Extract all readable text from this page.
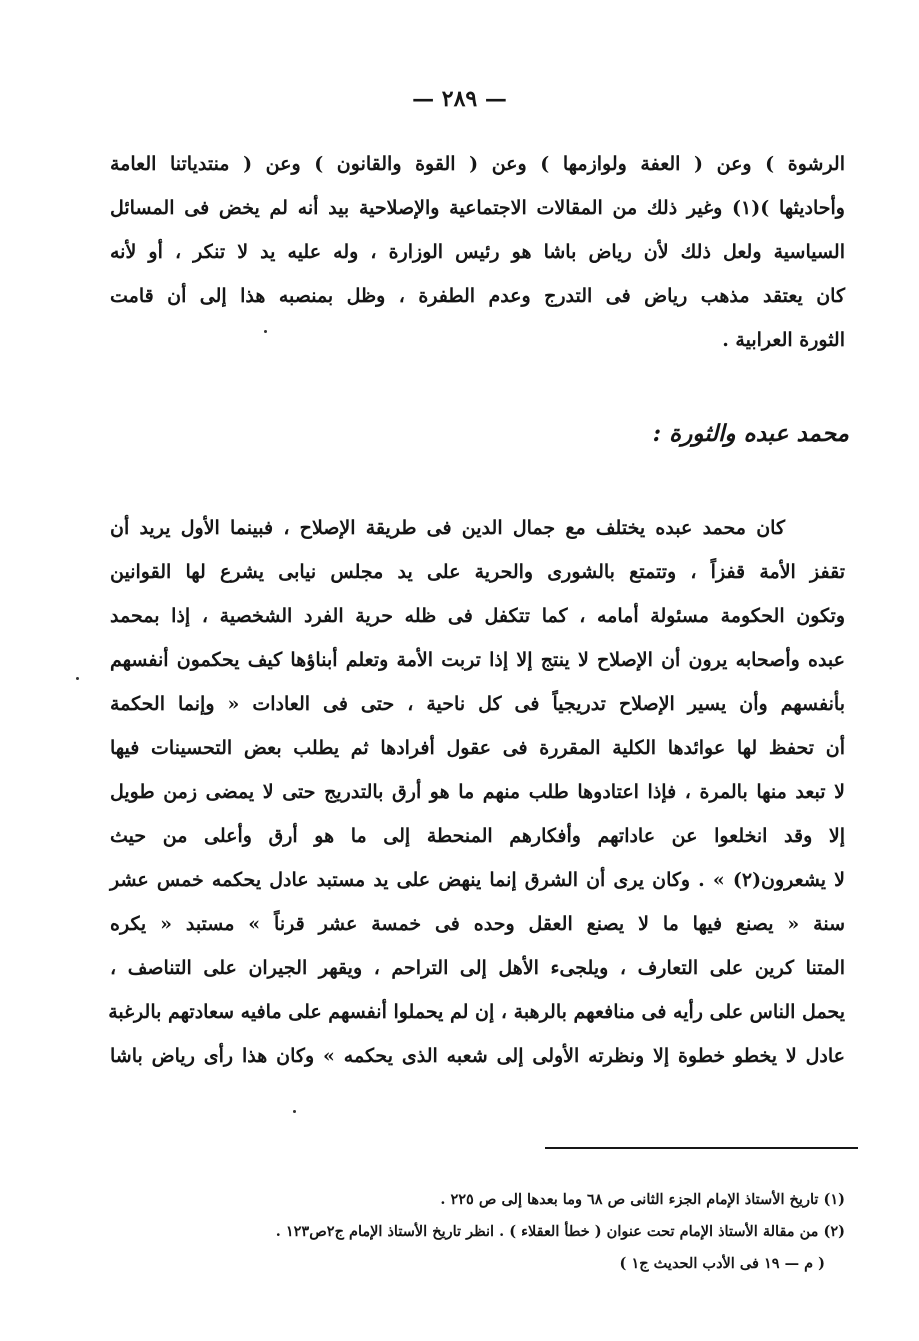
— ٢٨٩ —
الرشوة ) وعن ( العفة ولوازمها ) وعن ( القوة والقانون ) وعن ( منتدياتنا العامة
وأحاديثها )(١) وغير ذلك من المقالات الاجتماعية والإصلاحية بيد أنه لم يخض فى المسائل
السياسية ولعل ذلك لأن رياض باشا هو رئيس الوزارة ، وله عليه يد لا تنكر ، أو لأنه
كان يعتقد مذهب رياض فى التدرج وعدم الطفرة ، وظل بمنصبه هذا إلى أن قامت
الثورة العرابية .
محمد عبده والثورة :
كان محمد عبده يختلف مع جمال الدين فى طريقة الإصلاح ، فبينما الأول يريد أن
تقفز الأمة قفزاً ، وتتمتع بالشورى والحرية على يد مجلس نيابى يشرع لها القوانين
وتكون الحكومة مسئولة أمامه ، كما تتكفل فى ظله حرية الفرد الشخصية ، إذا بمحمد
عبده وأصحابه يرون أن الإصلاح لا ينتج إلا إذا تربت الأمة وتعلم أبناؤها كيف يحكمون أنفسهم
بأنفسهم وأن يسير الإصلاح تدريجياً فى كل ناحية ، حتى فى العادات « وإنما الحكمة
أن تحفظ لها عوائدها الكلية المقررة فى عقول أفرادها ثم يطلب بعض التحسينات فيها
لا تبعد منها بالمرة ، فإذا اعتادوها طلب منهم ما هو أرق بالتدريج حتى لا يمضى زمن طويل
إلا وقد انخلعوا عن عاداتهم وأفكارهم المنحطة إلى ما هو أرق وأعلى من حيث
لا يشعرون(٢) » . وكان يرى أن الشرق إنما ينهض على يد مستبد عادل يحكمه خمس عشر
سنة « يصنع فيها ما لا يصنع العقل وحده فى خمسة عشر قرناً » مستبد « يكره
المتنا كرين على التعارف ، ويلجىء الأهل إلى التراحم ، ويقهر الجيران على التناصف ،
يحمل الناس على رأيه فى منافعهم بالرهبة ، إن لم يحملوا أنفسهم على مافيه سعادتهم بالرغبة
عادل لا يخطو خطوة إلا ونظرته الأولى إلى شعبه الذى يحكمه » وكان هذا رأى رياض باشا
(١) تاريخ الأستاذ الإمام الجزء الثانى ص ٦٨ وما بعدها إلى ص ٢٢٥ .
(٢) من مقالة الأستاذ الإمام تحت عنوان ( خطأ العقلاء ) . انظر تاريخ الأستاذ الإمام ج٢ص١٢٣ .
( م — ١٩ فى الأدب الحديث ج١ )
